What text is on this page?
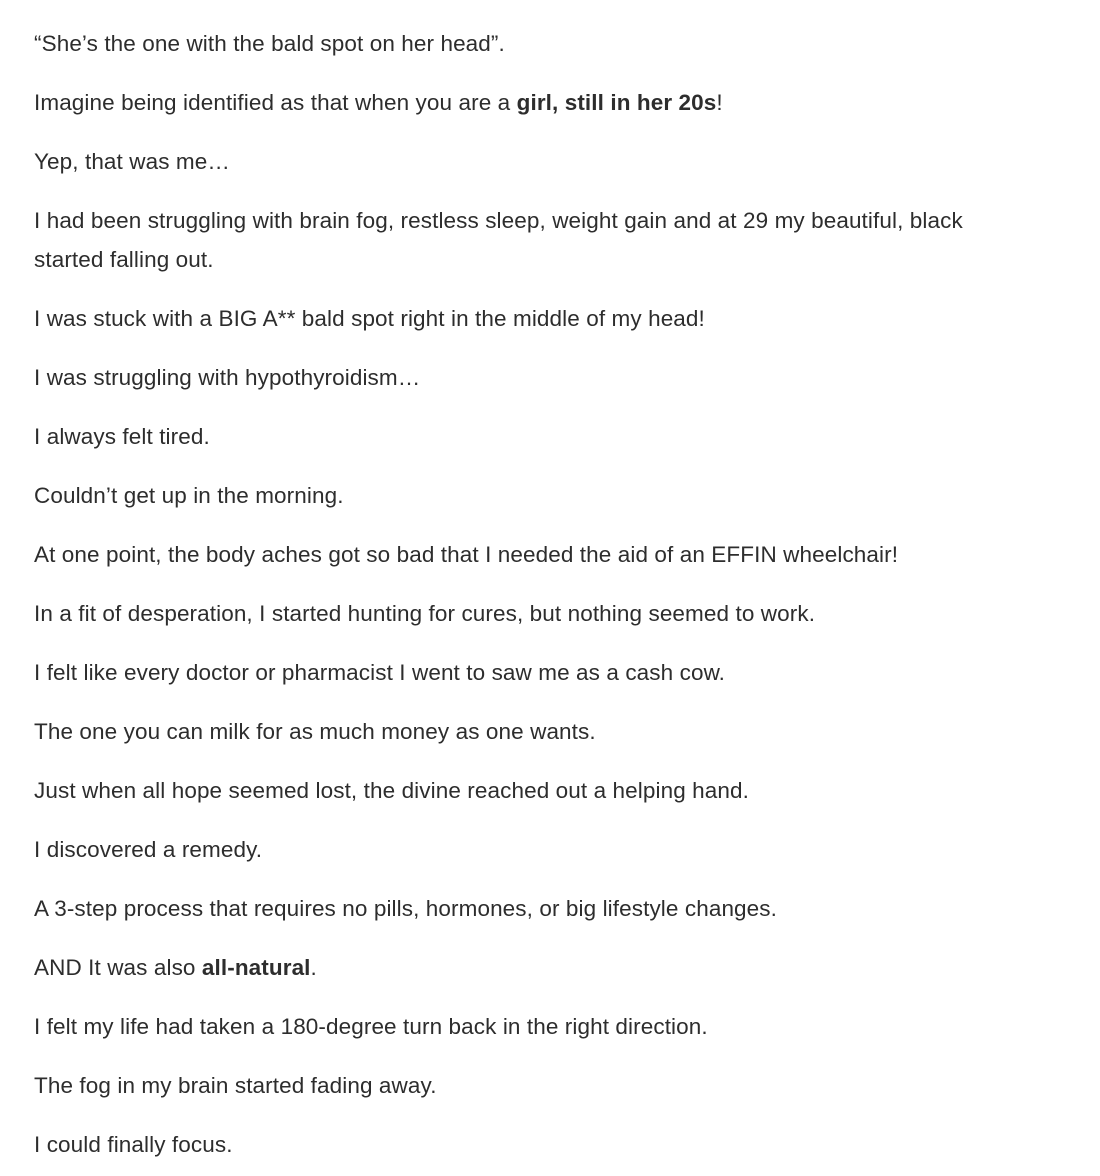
“She’s the one with the bald spot on her head”.

Imagine being identified as that when you are a girl, still in her 20s!

Yep, that was me…

I had been struggling with brain fog, restless sleep, weight gain and at 29 my beautiful, black
started falling out.

I was stuck with a BIG A** bald spot right in the middle of my head!

I was struggling with hypothyroidism…

I always felt tired.

Couldn’t get up in the morning.

At one point, the body aches got so bad that I needed the aid of an EFFIN wheelchair!

In a fit of desperation, I started hunting for cures, but nothing seemed to work.

I felt like every doctor or pharmacist I went to saw me as a cash cow.

The one you can milk for as much money as one wants.

Just when all hope seemed lost, the divine reached out a helping hand.

I discovered a remedy.

A 3-step process that requires no pills, hormones, or big lifestyle changes.

AND It was also all-natural.

I felt my life had taken a 180-degree turn back in the right direction.

The fog in my brain started fading away.

I could finally focus.
